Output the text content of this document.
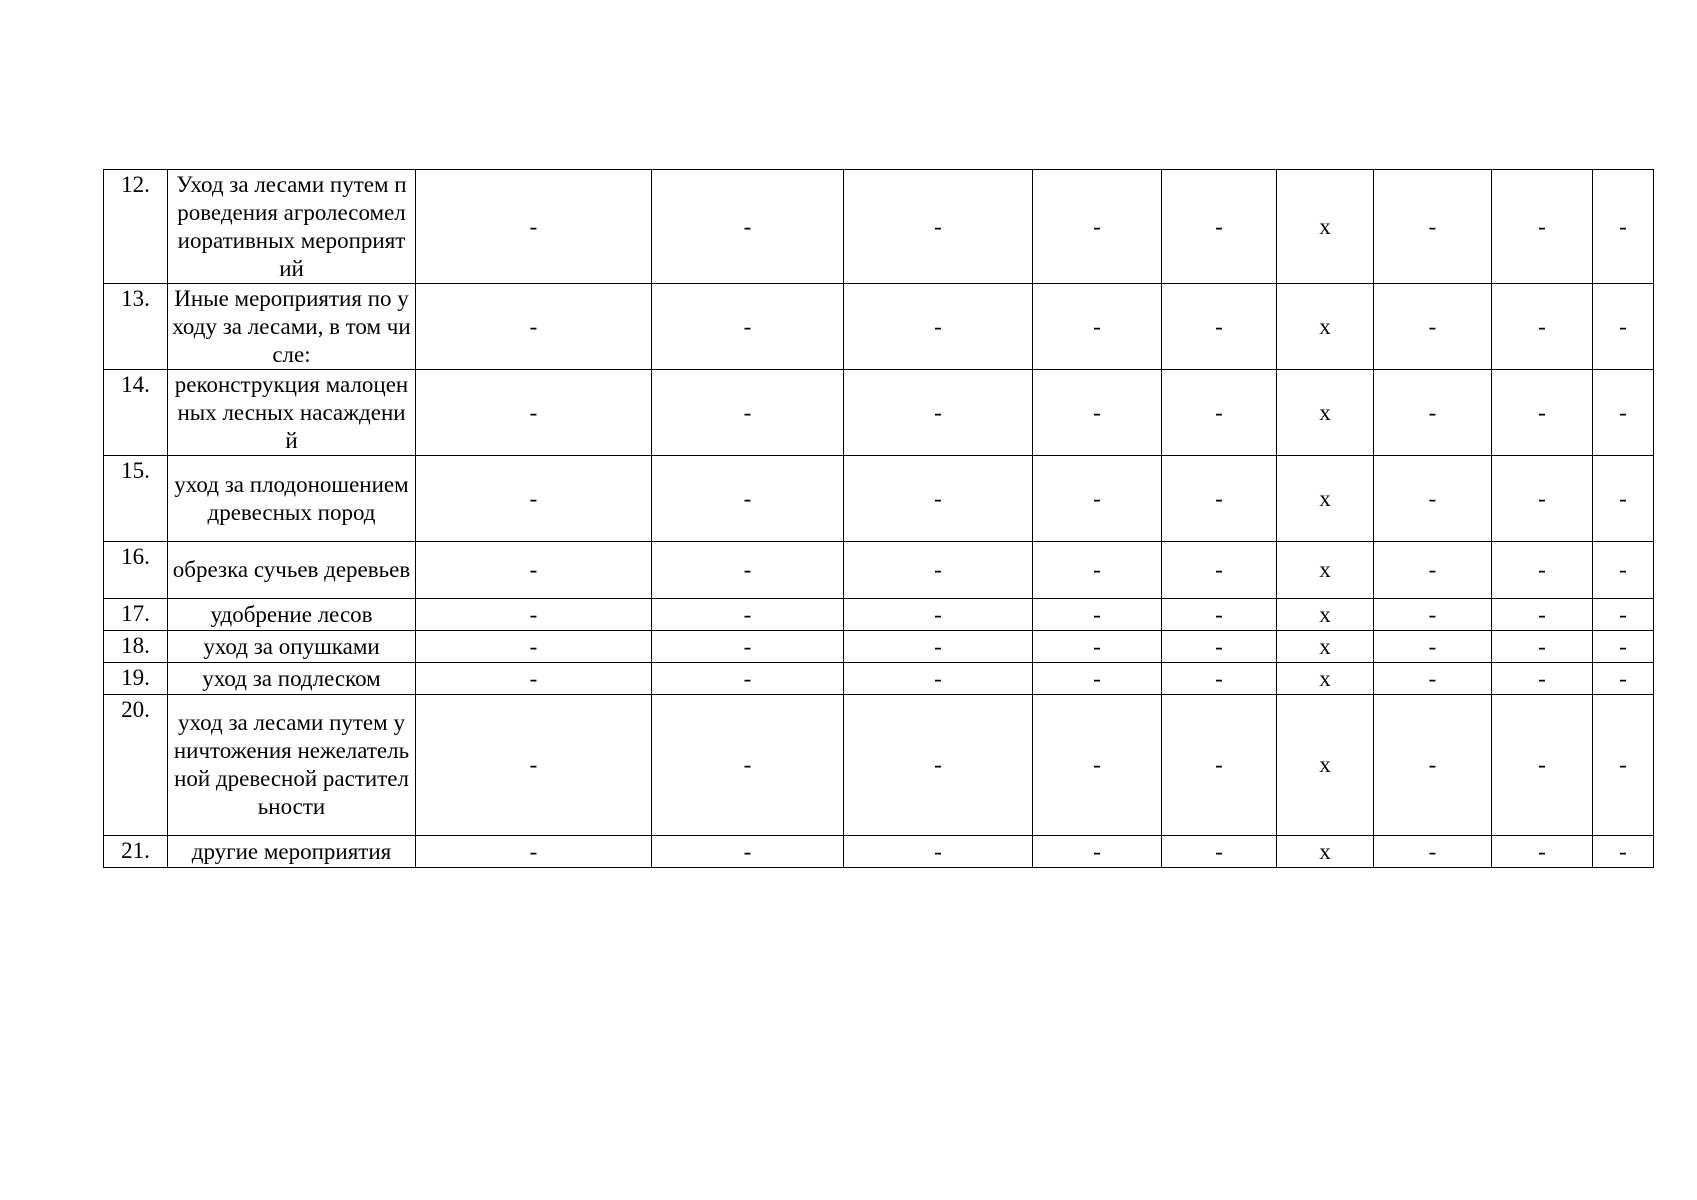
12.	Уход за лесами путем проведения агролесомелиоративных мероприятий	-	-	-	-	-	x	-	-	-
13.	Иные мероприятия по уходу за лесами, в том числе:	-	-	-	-	-	x	-	-	-
14.	реконструкция малоценных лесных насаждений	-	-	-	-	-	x	-	-	-
15.	уход за плодоношением древесных пород	-	-	-	-	-	x	-	-	-
16.	обрезка сучьев деревьев	-	-	-	-	-	x	-	-	-
17.	удобрение лесов	-	-	-	-	-	x	-	-	-
18.	уход за опушками	-	-	-	-	-	x	-	-	-
19.	уход за подлеском	-	-	-	-	-	x	-	-	-
20.	уход за лесами путем уничтожения нежелательной древесной растительности	-	-	-	-	-	x	-	-	-
21.	другие мероприятия	-	-	-	-	-	x	-	-	-
